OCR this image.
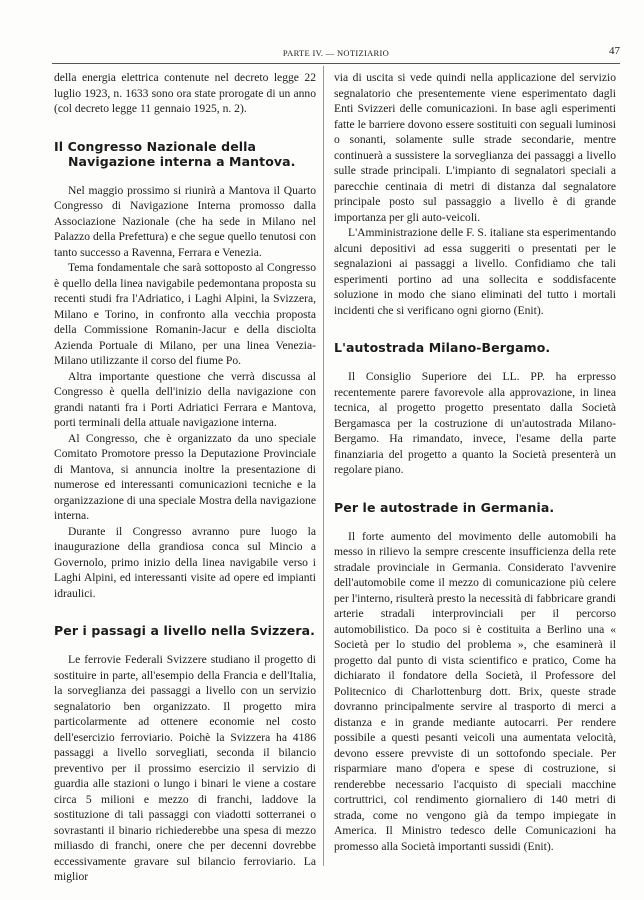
PARTE IV. — NOTIZIARIO	47

della energia elettrica contenute nel decreto legge 22 luglio 1923, n. 1633 sono ora state prorogate di un anno (col decreto legge 11 gennaio 1925, n. 2).

Il Congresso Nazionale della Navigazione interna a Mantova.

Nel maggio prossimo si riunirà a Mantova il Quarto Congresso di Navigazione Interna promosso dalla Associazione Nazionale (che ha sede in Milano nel Palazzo della Prefettura) e che segue quello tenutosi con tanto successo a Ravenna, Ferrara e Venezia.

Tema fondamentale che sarà sottoposto al Congresso è quello della linea navigabile pedemontana proposta su recenti studi fra l'Adriatico, i Laghi Alpini, la Svizzera, Milano e Torino, in confronto alla vecchia proposta della Commissione Romanin-Jacur e della disciolta Azienda Portuale di Milano, per una linea Venezia-Milano utilizzante il corso del fiume Po.

Altra importante questione che verrà discussa al Congresso è quella dell'inizio della navigazione con grandi natanti fra i Porti Adriatici Ferrara e Mantova, porti terminali della attuale navigazione interna.

Al Congresso, che è organizzato da uno speciale Comitato Promotore presso la Deputazione Provinciale di Mantova, si annuncia inoltre la presentazione di numerose ed interessanti comunicazioni tecniche e la organizzazione di una speciale Mostra della navigazione interna.

Durante il Congresso avranno pure luogo la inaugurazione della grandiosa conca sul Mincio a Governolo, primo inizio della linea navigabile verso i Laghi Alpini, ed interessanti visite ad opere ed impianti idraulici.

Per i passagi a livello nella Svizzera.

Le ferrovie Federali Svizzere studiano il progetto di sostituire in parte, all'esempio della Francia e dell'Italia, la sorveglianza dei passaggi a livello con un servizio segnalatorio ben organizzato. Il progetto mira particolarmente ad ottenere economie nel costo dell'esercizio ferroviario. Poichè la Svizzera ha 4186 passaggi a livello sorvegliati, seconda il bilancio preventivo per il prossimo esercizio il servizio di guardia alle stazioni o lungo i binari le viene a costare circa 5 milioni e mezzo di franchi, laddove la sostituzione di tali passaggi con viadotti sotterranei o sovrastanti il binario richiederebbe una spesa di mezzo miliasdo di franchi, onere che per decenni dovrebbe eccessivamente gravare sul bilancio ferroviario. La miglior

via di uscita si vede quindi nella applicazione del servizio segnalatorio che presentemente viene esperimentato dagli Enti Svizzeri delle comunicazioni. In base agli esperimenti fatte le barriere dovono essere sostituiti con seguali luminosi o sonanti, solamente sulle strade secondarie, mentre continuerà a sussistere la sorveglianza dei passaggi a livello sulle strade principali. L'impianto di segnalatori speciali a parecchie centinaia di metri di distanza dal segnalatore principale posto sul passaggio a livello è di grande importanza per gli auto-veicoli.

L'Amministrazione delle F. S. italiane sta esperimentando alcuni depositivi ad essa suggeriti o presentati per le segnalazioni ai passaggi a livello. Confidiamo che tali esperimenti portino ad una sollecita e soddisfacente soluzione in modo che siano eliminati del tutto i mortali incidenti che si verificano ogni giorno (Enit).

L'autostrada Milano-Bergamo.

Il Consiglio Superiore dei LL. PP. ha erpresso recentemente parere favorevole alla approvazione, in linea tecnica, al progetto progetto presentato dalla Società Bergamasca per la costruzione di un'autostrada Milano-Bergamo. Ha rimandato, invece, l'esame della parte finanziaria del progetto a quanto la Società presenterà un regolare piano.

Per le autostrade in Germania.

Il forte aumento del movimento delle automobili ha messo in rilievo la sempre crescente insufficienza della rete stradale provinciale in Germania. Considerato l'avvenire dell'automobile come il mezzo di comunicazione più celere per l'interno, risulterà presto la necessità di fabbricare grandi arterie stradali interprovinciali per il percorso automobilistico. Da poco si è costituita a Berlino una « Società per lo studio del problema », che esaminerà il progetto dal punto di vista scientifico e pratico, Come ha dichiarato il fondatore della Società, il Professore del Politecnico di Charlottenburg dott. Brix, queste strade dovranno principalmente servire al trasporto di merci a distanza e in grande mediante autocarri. Per rendere possibile a questi pesanti veicoli una aumentata velocità, devono essere prevviste di un sottofondo speciale. Per risparmiare mano d'opera e spese di costruzione, si renderebbe necessario l'acquisto di speciali macchine cortruttrici, col rendimento giornaliero di 140 metri di strada, come no vengono già da tempo impiegate in America. Il Ministro tedesco delle Comunicazioni ha promesso alla Società importanti sussidi (Enit).
